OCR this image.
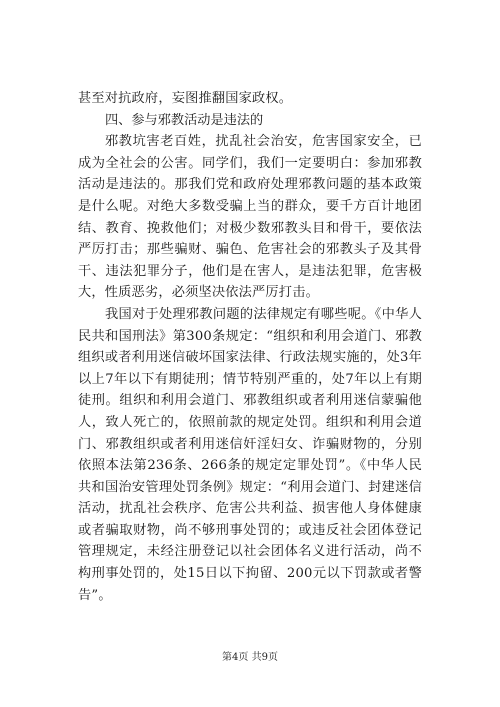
甚至对抗政府，妄图推翻国家政权。

四、参与邪教活动是违法的

邪教坑害老百姓，扰乱社会治安，危害国家安全，已成为全社会的公害。同学们，我们一定要明白：参加邪教活动是违法的。那我们党和政府处理邪教问题的基本政策是什么呢。对绝大多数受骗上当的群众，要千方百计地团结、教育、挽救他们；对极少数邪教头目和骨干，要依法严厉打击；那些骗财、骗色、危害社会的邪教头子及其骨干、违法犯罪分子，他们是在害人，是违法犯罪，危害极大，性质恶劣，必须坚决依法严厉打击。

我国对于处理邪教问题的法律规定有哪些呢。《中华人民共和国刑法》第300条规定：“组织和利用会道门、邪教组织或者利用迷信破坏国家法律、行政法规实施的，处3年以上7年以下有期徒刑；情节特别严重的，处7年以上有期徒刑。组织和利用会道门、邪教组织或者利用迷信蒙骗他人，致人死亡的，依照前款的规定处罚。组织和利用会道门、邪教组织或者利用迷信奸淫妇女、诈骗财物的，分别依照本法第236条、266条的规定定罪处罚”。《中华人民共和国治安管理处罚条例》规定：“利用会道门、封建迷信活动，扰乱社会秩序、危害公共利益、损害他人身体健康或者骗取财物，尚不够刑事处罚的；或违反社会团体登记管理规定，未经注册登记以社会团体名义进行活动，尚不构刑事处罚的，处15日以下拘留、200元以下罚款或者警告”。

第4页 共9页
